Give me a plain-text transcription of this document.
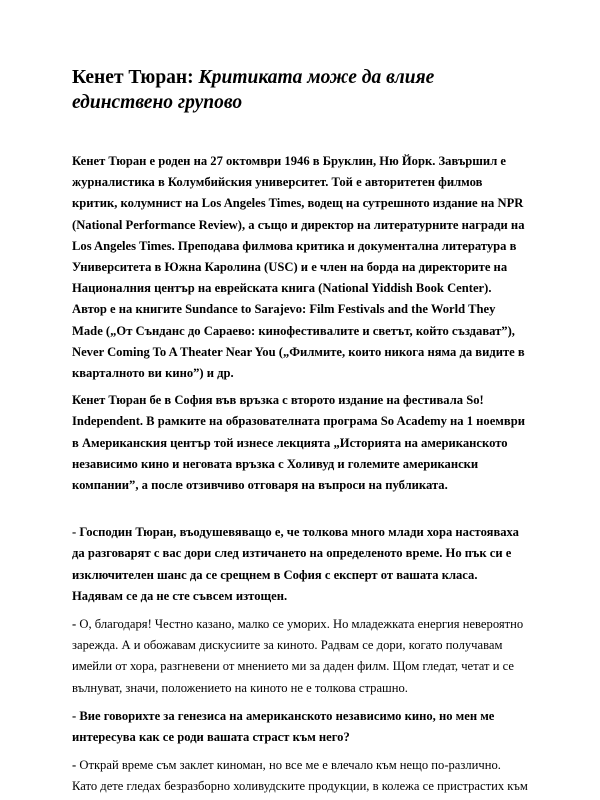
Кенет Тюран: Критиката може да влияе единствено групово

Кенет Тюран е роден на 27 октомври 1946 в Бруклин, Ню Йорк. Завършил е журналистика в Колумбийския университет. Той е авторитетен филмов критик, колумнист на Los Angeles Times, водещ на сутрешното издание на NPR (National Performance Review), а също и директор на литературните награди на Los Angeles Times. Преподава филмова критика и документална литература в Университета в Южна Каролина (USC) и е член на борда на директорите на Националния център на еврейската книга (National Yiddish Book Center). Автор е на книгите Sundance to Sarajevo: Film Festivals and the World They Made („От Сънданс до Сараево: кинофестивалите и светът, който създават”), Never Coming To A Theater Near You („Филмите, които никога няма да видите в кварталното ви кино”) и др.

Кенет Тюран бе в София във връзка с второто издание на фестивала So! Independent. В рамките на образователната програма So Academy на 1 ноември в Американския център той изнесе лекцията „Историята на американското независимо кино и неговата връзка с Холивуд и големите американски компании”, а после отзивчиво отговаря на въпроси на публиката.

- Господин Тюран, въодушевяващо е, че толкова много млади хора настояваха да разговарят с вас дори след изтичането на определеното време. Но пък си е изключителен шанс да се срещнем в София с експерт от вашата класа. Надявам се да не сте съвсем изтощен.

- О, благодаря! Честно казано, малко се уморих. Но младежката енергия невероятно зарежда. А и обожавам дискусиите за киното. Радвам се дори, когато получавам имейли от хора, разгневени от мнението ми за даден филм. Щом гледат, четат и се вълнуват, значи, положението на киното не е толкова страшно.

- Вие говорихте за генезиса на американското независимо кино, но мен ме интересува как се роди вашата страст към него?

- Открай време съм заклет киноман, но все ме е влечало към нещо по-различно. Като дете гледах безразборно холивудските продукции, в колежа се пристрастих към
